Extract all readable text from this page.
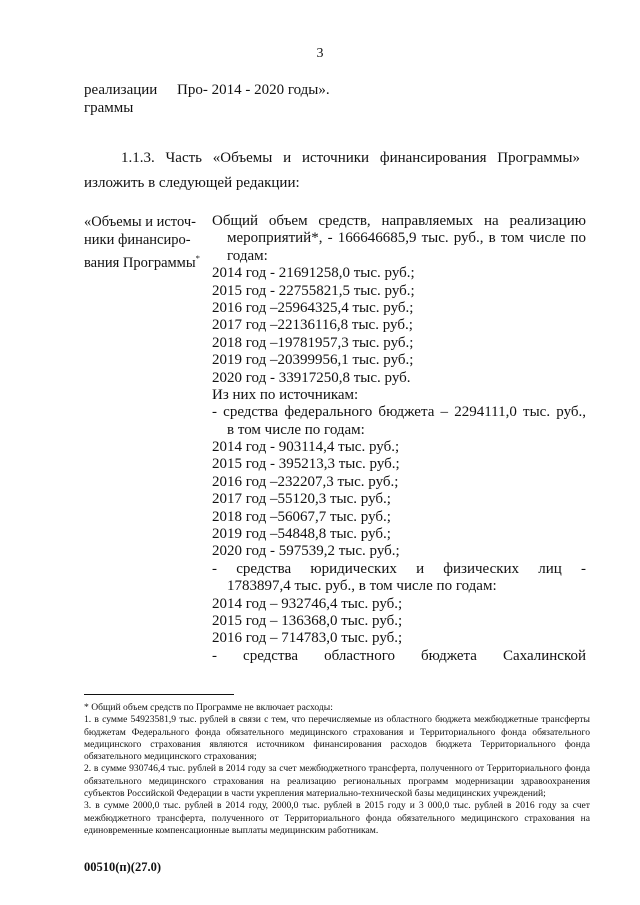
3
реализации Про- 2014 - 2020 годы».
граммы
1.1.3. Часть «Объемы и источники финансирования Программы» изложить в следующей редакции:
«Объемы и источ-
ники финансиро-
вания Программы*
Общий объем средств, направляемых на реализацию
мероприятий*, - 166646685,9 тыс. руб., в том числе по
годам:
2014 год - 21691258,0 тыс. руб.;
2015 год - 22755821,5 тыс. руб.;
2016 год –25964325,4 тыс. руб.;
2017 год –22136116,8 тыс. руб.;
2018 год –19781957,3 тыс. руб.;
2019 год –20399956,1 тыс. руб.;
2020 год - 33917250,8 тыс. руб.
Из них по источникам:
- средства федерального бюджета – 2294111,0 тыс. руб.,
в том числе по годам:
2014 год - 903114,4 тыс. руб.;
2015 год - 395213,3 тыс. руб.;
2016 год –232207,3 тыс. руб.;
2017 год –55120,3 тыс. руб.;
2018 год –56067,7 тыс. руб.;
2019 год –54848,8 тыс. руб.;
2020 год - 597539,2 тыс. руб.;
- средства юридических и физических лиц -
1783897,4 тыс. руб., в том числе по годам:
2014 год – 932746,4 тыс. руб.;
2015 год – 136368,0 тыс. руб.;
2016 год – 714783,0 тыс. руб.;
- средства областного бюджета Сахалинской
* Общий объем средств по Программе не включает расходы:
1. в сумме 54923581,9 тыс. рублей в связи с тем, что перечисляемые из областного бюджета межбюджетные трансферты бюджетам Федерального фонда обязательного медицинского страхования и Территориального фонда обязательного медицинского страхования являются источником финансирования расходов бюджета Территориального фонда обязательного медицинского страхования;
2. в сумме 930746,4 тыс. рублей в 2014 году за счет межбюджетного трансферта, полученного от Территориального фонда обязательного медицинского страхования на реализацию региональных программ модернизации здравоохранения субъектов Российской Федерации в части укрепления материально-технической базы медицинских учреждений;
3. в сумме 2000,0 тыс. рублей в 2014 году, 2000,0 тыс. рублей в 2015 году и 3 000,0 тыс. рублей в 2016 году за счет межбюджетного трансферта, полученного от Территориального фонда обязательного медицинского страхования на единовременные компенсационные выплаты медицинским работникам.
00510(п)(27.0)
